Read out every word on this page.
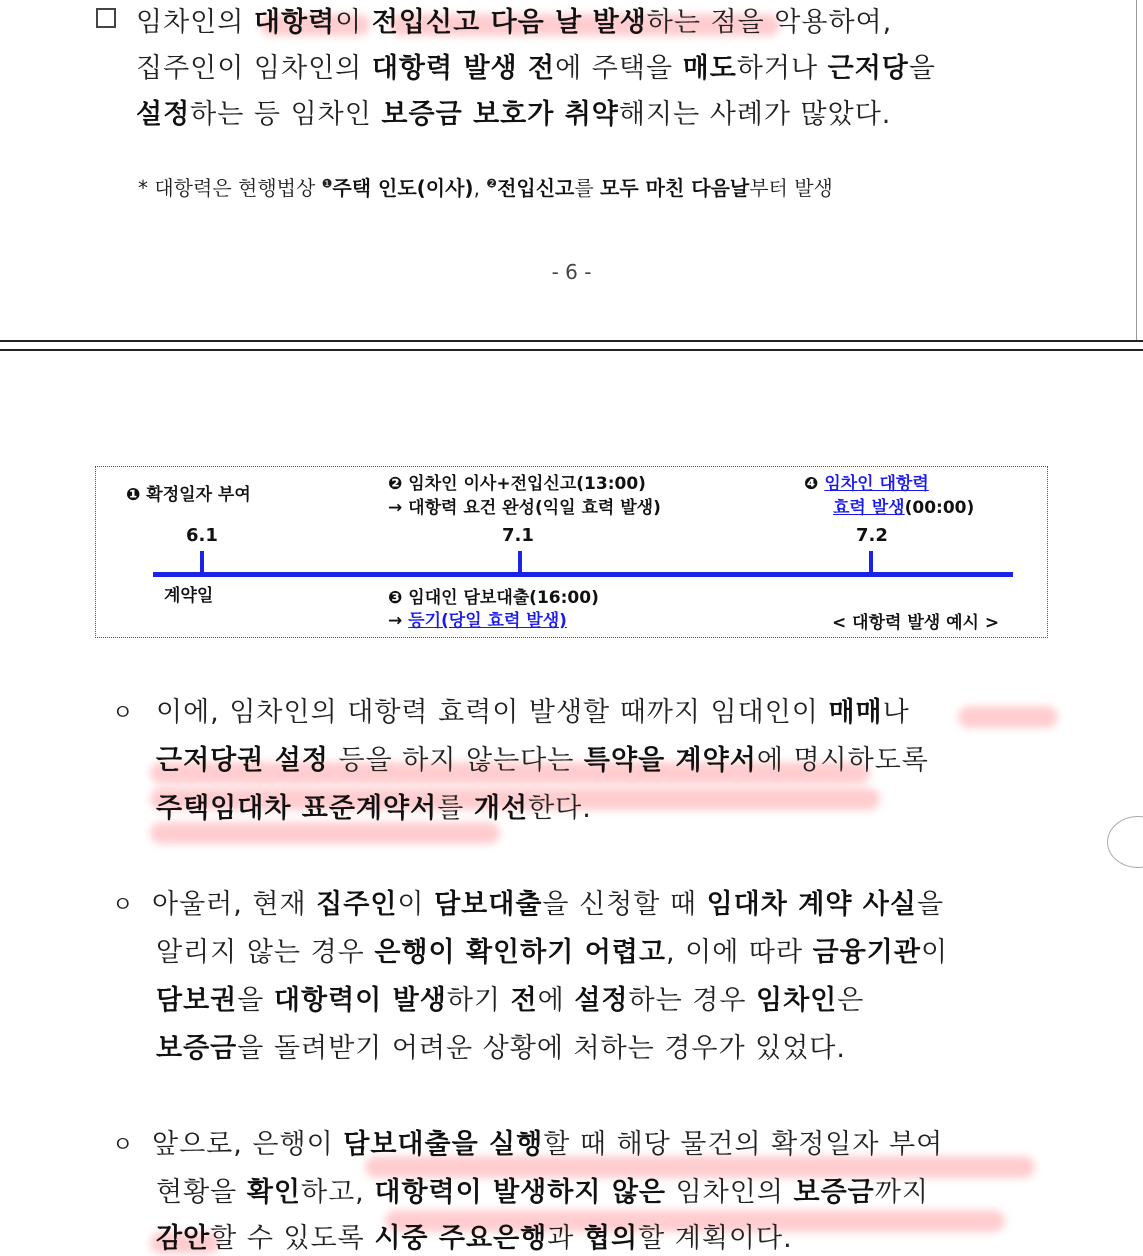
임차인의 대항력이 전입신고 다음 날 발생하는 점을 악용하여,
집주인이 임차인의 대항력 발생 전에 주택을 매도하거나 근저당을
설정하는 등 임차인 보증금 보호가 취약해지는 사례가 많았다.
* 대항력은 현행법상 $^❶$주택 인도(이사), $^❷$전입신고를 모두 마친 다음날부터 발생
- 6 -
❶ 확정일자 부여
❷ 임차인 이사+전입신고(13:00)
→ 대항력 요건 완성(익일 효력 발생)
❹ 임차인 대항력
효력 발생(00:00)
6.1	7.1	7.2
계약일	❸ 임대인 담보대출(16:00)
→ 등기(당일 효력 발생)	< 대항력 발생 예시 >
ㅇ 이에, 임차인의 대항력 효력이 발생할 때까지 임대인이 매매나
근저당권 설정 등을 하지 않는다는 특약을 계약서에 명시하도록
주택임대차 표준계약서를 개선한다.
ㅇ 아울러, 현재 집주인이 담보대출을 신청할 때 임대차 계약 사실을
알리지 않는 경우 은행이 확인하기 어렵고, 이에 따라 금융기관이
담보권을 대항력이 발생하기 전에 설정하는 경우 임차인은
보증금을 돌려받기 어려운 상황에 처하는 경우가 있었다.
ㅇ 앞으로, 은행이 담보대출을 실행할 때 해당 물건의 확정일자 부여
현황을 확인하고, 대항력이 발생하지 않은 임차인의 보증금까지
감안할 수 있도록 시중 주요은행과 협의할 계획이다.
